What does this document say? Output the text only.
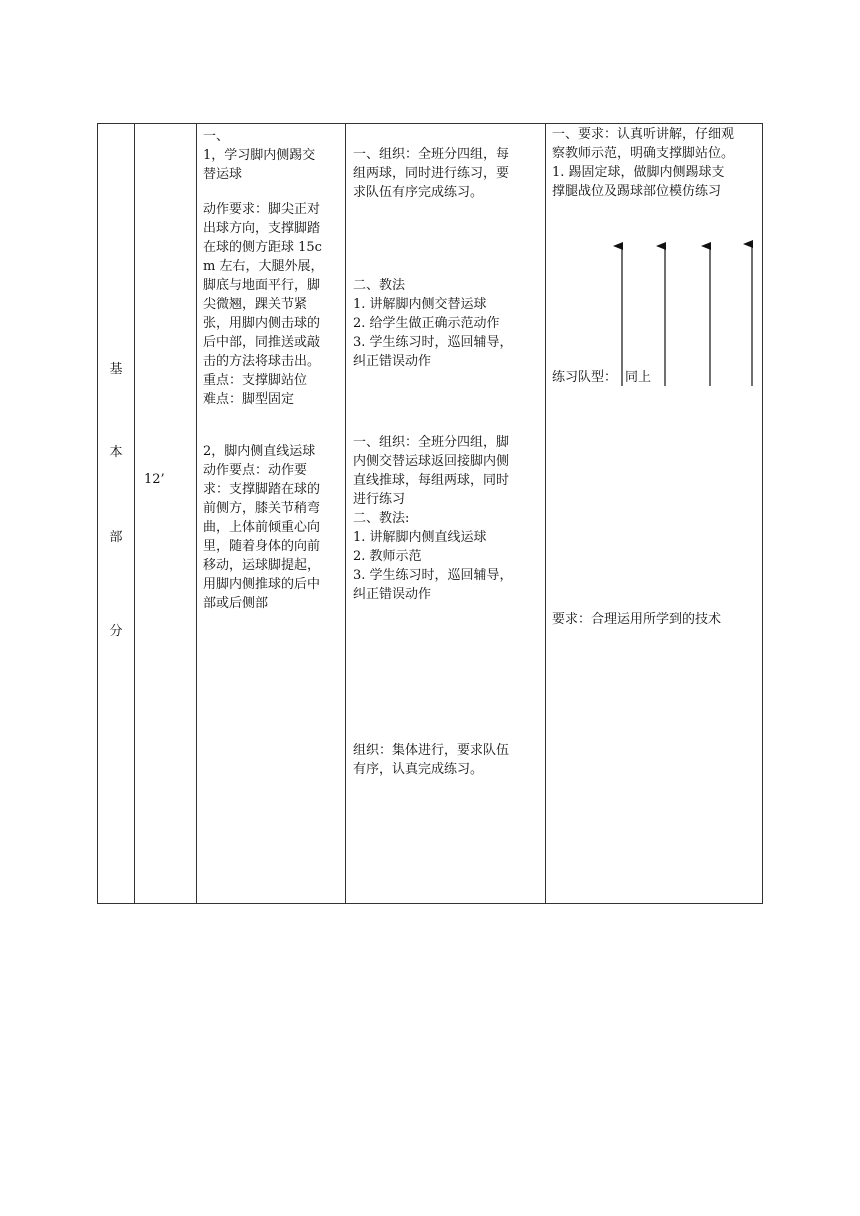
基
本
部
分
12’
一、
1，学习脚内侧踢交
替运球
动作要求：脚尖正对
出球方向，支撑脚踏
在球的侧方距球 15c
m 左右，大腿外展，
脚底与地面平行，脚
尖微翘，踝关节紧
张，用脚内侧击球的
后中部，同推送或敲
击的方法将球击出。
重点：支撑脚站位
难点：脚型固定
2，脚内侧直线运球
动作要点：动作要
求：支撑脚踏在球的
前侧方，膝关节稍弯
曲，上体前倾重心向
里，随着身体的向前
移动，运球脚提起，
用脚内侧推球的后中
部或后侧部
一、组织：全班分四组，每
组两球，同时进行练习，要
求队伍有序完成练习。
二、教法
1. 讲解脚内侧交替运球
2. 给学生做正确示范动作
3. 学生练习时，巡回辅导，
纠正错误动作
一、组织：全班分四组，脚
内侧交替运球返回接脚内侧
直线推球，每组两球，同时
进行练习
二、教法:
1. 讲解脚内侧直线运球
2. 教师示范
3. 学生练习时，巡回辅导，
纠正错误动作
组织：集体进行，要求队伍
有序，认真完成练习。
一、要求：认真听讲解，仔细观
察教师示范，明确支撑脚站位。
1. 踢固定球，做脚内侧踢球支
撑腿战位及踢球部位模仿练习
练习队型： 同上
要求：合理运用所学到的技术
